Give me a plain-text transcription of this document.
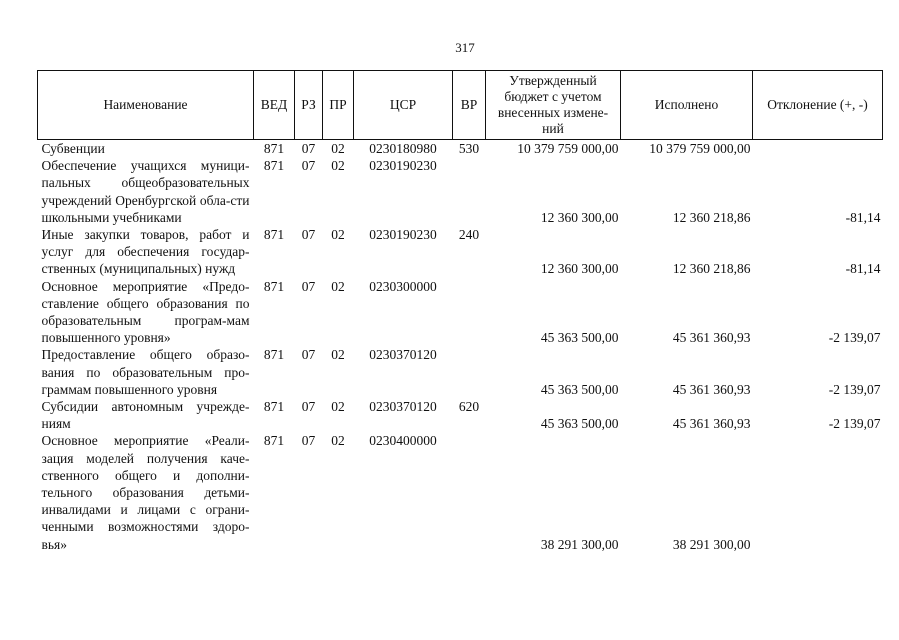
317
Наименование	ВЕД	РЗ	ПР	ЦСР	ВР	Утвержденный бюджет с учетом внесенных измене-ний	Исполнено	Отклонение (+, -)
Субвенции	871	07	02	0230180980	530	10 379 759 000,00	10 379 759 000,00	
Обеспечение учащихся муници-пальных общеобразовательных учреждений Оренбургской обла-сти школьными учебниками	871	07	02	0230190230		12 360 300,00	12 360 218,86	-81,14
Иные закупки товаров, работ и услуг для обеспечения государ-ственных (муниципальных) нужд	871	07	02	0230190230	240	12 360 300,00	12 360 218,86	-81,14
Основное мероприятие «Предо-ставление общего образования по образовательным програм-мам повышенного уровня»	871	07	02	0230300000		45 363 500,00	45 361 360,93	-2 139,07
Предоставление общего образо-вания по образовательным про-граммам повышенного уровня	871	07	02	0230370120		45 363 500,00	45 361 360,93	-2 139,07
Субсидии автономным учрежде-ниям	871	07	02	0230370120	620	45 363 500,00	45 361 360,93	-2 139,07
Основное мероприятие «Реали-зация моделей получения каче-ственного общего и дополни-тельного образования детьми-инвалидами и лицами с ограни-ченными возможностями здоро-вья»	871	07	02	0230400000		38 291 300,00	38 291 300,00	
